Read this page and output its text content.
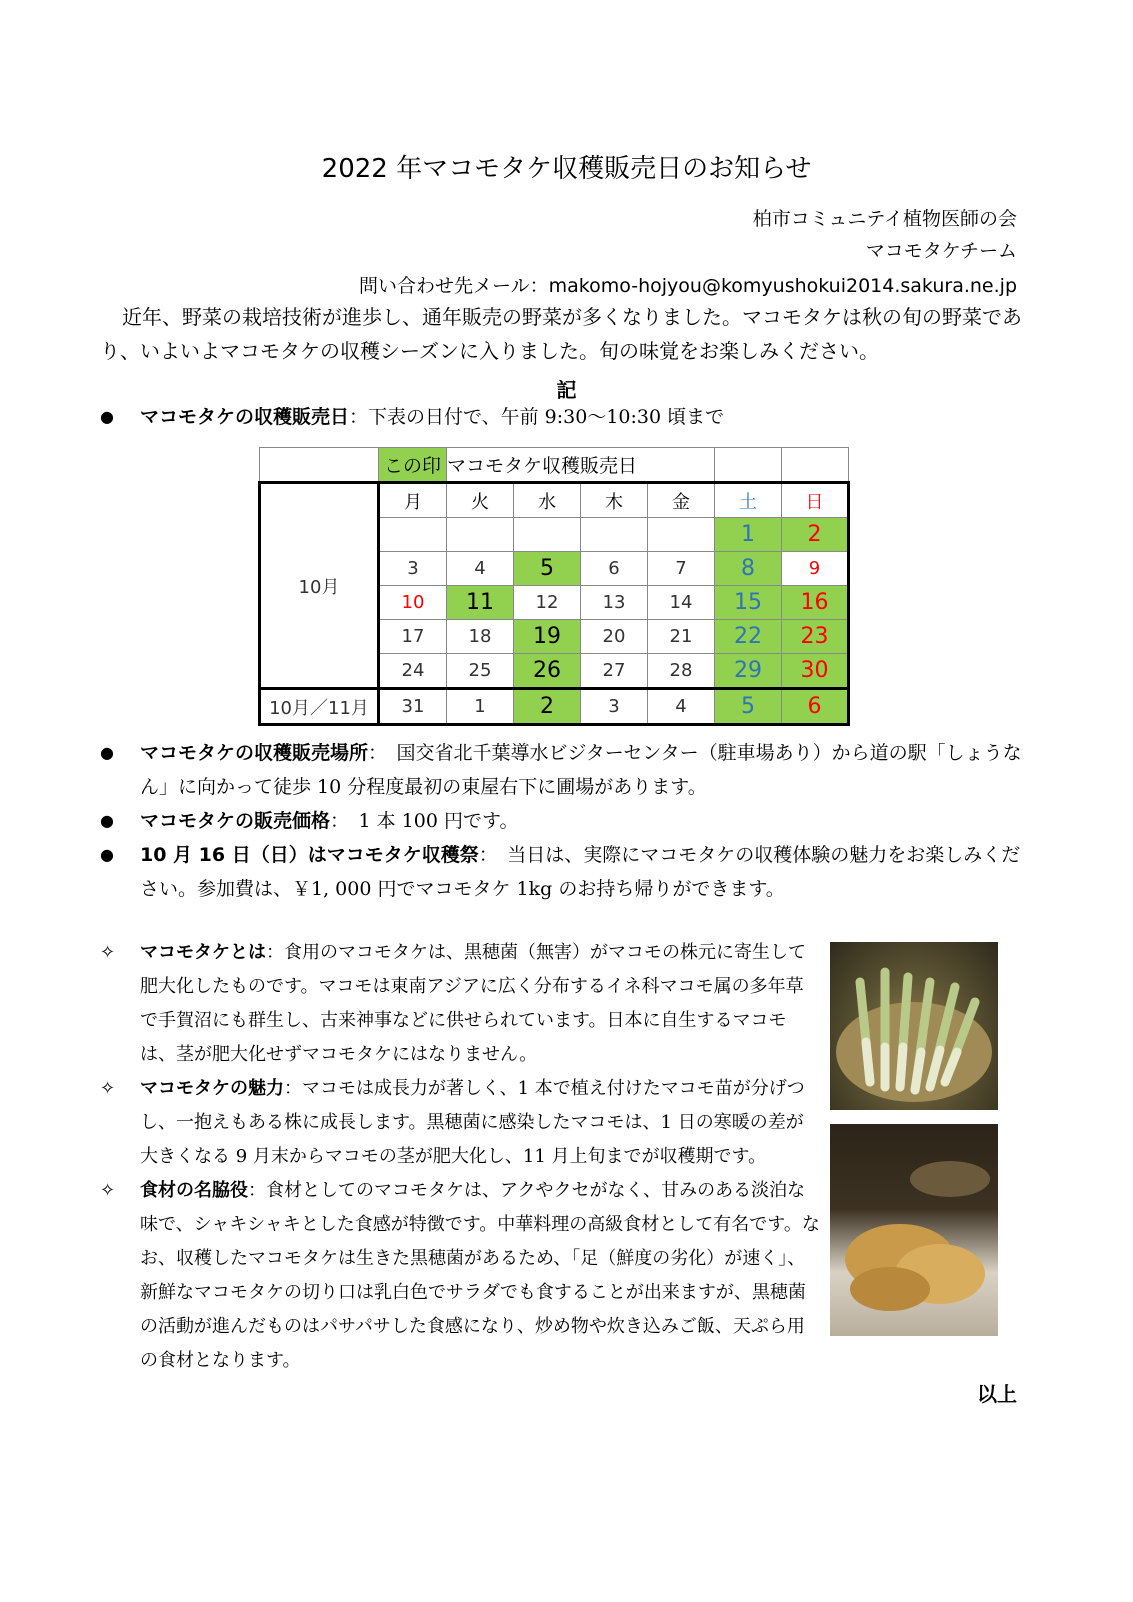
2022 年マコモタケ収穫販売日のお知らせ
柏市コミュニテイ植物医師の会
マコモタケチーム
問い合わせ先メール：makomo-hojyou@komyushokui2014.sakura.ne.jp
近年、野菜の栽培技術が進歩し、通年販売の野菜が多くなりました。マコモタケは秋の旬の野菜であり、いよいよマコモタケの収穫シーズンに入りました。旬の味覚をお楽しみください。
記
● マコモタケの収穫販売日：下表の日付で、午前 9:30～10:30 頃まで
	この印	マコモタケ収穫販売日					
10月	月	火	水	木	金	土	日
						1	2
	3	4	5	6	7	8	9
	10	11	12	13	14	15	16
	17	18	19	20	21	22	23
	24	25	26	27	28	29	30
10月／11月	31	1	2	3	4	5	6
● マコモタケの収穫販売場所：　国交省北千葉導水ビジターセンター（駐車場あり）から道の駅「しょうなん」に向かって徒歩 10 分程度最初の東屋右下に圃場があります。
● マコモタケの販売価格：　1 本 100 円です。
● 10 月 16 日（日）はマコモタケ収穫祭：　当日は、実際にマコモタケの収穫体験の魅力をお楽しみください。参加費は、￥1, 000 円でマコモタケ 1kg のお持ち帰りができます。
✧ マコモタケとは：食用のマコモタケは、黒穂菌（無害）がマコモの株元に寄生して肥大化したものです。マコモは東南アジアに広く分布するイネ科マコモ属の多年草で手賀沼にも群生し、古来神事などに供せられています。日本に自生するマコモは、茎が肥大化せずマコモタケにはなりません。
✧ マコモタケの魅力：マコモは成長力が著しく、1 本で植え付けたマコモ苗が分げつし、一抱えもある株に成長します。黒穂菌に感染したマコモは、1 日の寒暖の差が大きくなる 9 月末からマコモの茎が肥大化し、11 月上旬までが収穫期です。
✧ 食材の名脇役：食材としてのマコモタケは、アクやクセがなく、甘みのある淡泊な味で、シャキシャキとした食感が特徴です。中華料理の高級食材として有名です。なお、収穫したマコモタケは生きた黒穂菌があるため、「足（鮮度の劣化）が速く」、新鮮なマコモタケの切り口は乳白色でサラダでも食することが出来ますが、黒穂菌の活動が進んだものはパサパサした食感になり、炒め物や炊き込みご飯、天ぷら用の食材となります。
以上
